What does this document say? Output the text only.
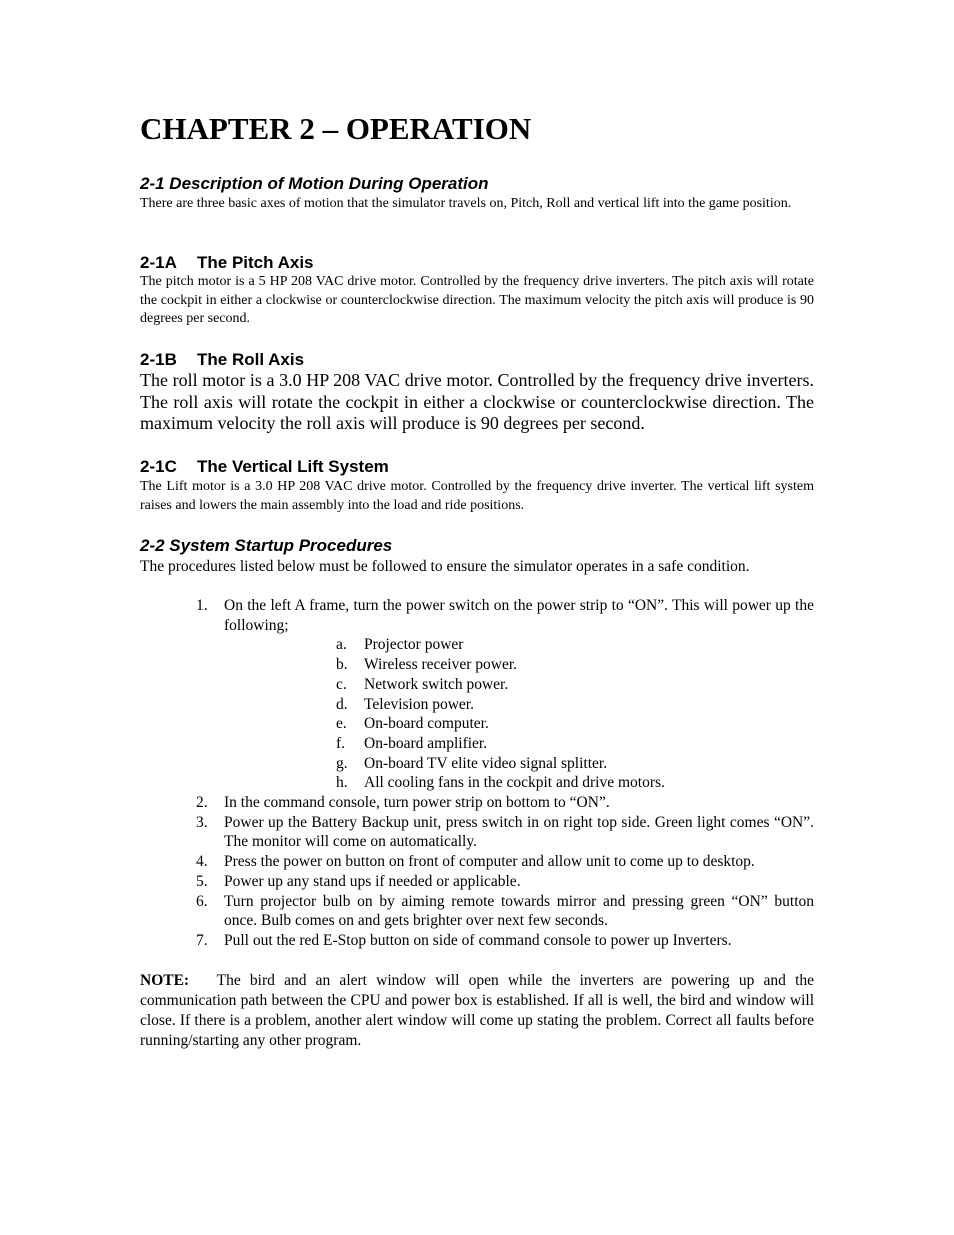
CHAPTER 2 – OPERATION
2-1 Description of Motion During Operation

There are three basic axes of motion that the simulator travels on, Pitch, Roll and vertical lift into the game position.

2-1A The Pitch Axis

The pitch motor is a 5 HP 208 VAC drive motor. Controlled by the frequency drive inverters. The pitch axis will rotate the cockpit in either a clockwise or counterclockwise direction. The maximum velocity the pitch axis will produce is 90 degrees per second.

2-1B The Roll Axis

The roll motor is a 3.0 HP 208 VAC drive motor. Controlled by the frequency drive inverters. The roll axis will rotate the cockpit in either a clockwise or counterclockwise direction. The maximum velocity the roll axis will produce is 90 degrees per second.

2-1C The Vertical Lift System

The Lift motor is a 3.0 HP 208 VAC drive motor. Controlled by the frequency drive inverter. The vertical lift system raises and lowers the main assembly into the load and ride positions.

2-2 System Startup Procedures

The procedures listed below must be followed to ensure the simulator operates in a safe condition.

1. On the left A frame, turn the power switch on the power strip to “ON”. This will power up the following;
a. Projector power
b. Wireless receiver power.
c. Network switch power.
d. Television power.
e. On-board computer.
f. On-board amplifier.
g. On-board TV elite video signal splitter.
h. All cooling fans in the cockpit and drive motors.
2. In the command console, turn power strip on bottom to “ON”.
3. Power up the Battery Backup unit, press switch in on right top side. Green light comes “ON”. The monitor will come on automatically.
4. Press the power on button on front of computer and allow unit to come up to desktop.
5. Power up any stand ups if needed or applicable.
6. Turn projector bulb on by aiming remote towards mirror and pressing green “ON” button once. Bulb comes on and gets brighter over next few seconds.
7. Pull out the red E-Stop button on side of command console to power up Inverters.

NOTE: The bird and an alert window will open while the inverters are powering up and the communication path between the CPU and power box is established. If all is well, the bird and window will close. If there is a problem, another alert window will come up stating the problem. Correct all faults before running/starting any other program.
